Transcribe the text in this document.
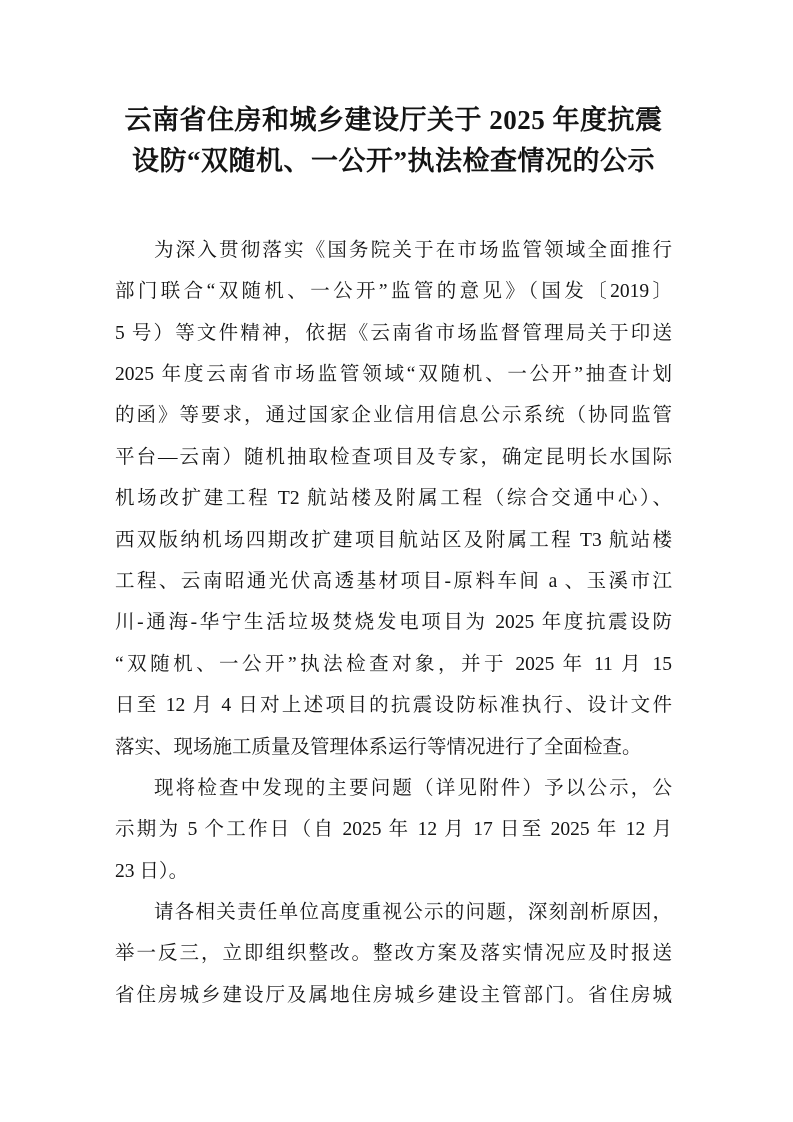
云南省住房和城乡建设厅关于 2025 年度抗震
设防“双随机、一公开”执法检查情况的公示
为深入贯彻落实《国务院关于在市场监管领域全面推行
部门联合“双随机、一公开”监管的意见》（国发〔2019〕
5 号）等文件精神，依据《云南省市场监督管理局关于印送
2025 年度云南省市场监管领域“双随机、一公开”抽查计划
的函》等要求，通过国家企业信用信息公示系统（协同监管
平台—云南）随机抽取检查项目及专家，确定昆明长水国际
机场改扩建工程 T2 航站楼及附属工程（综合交通中心）、
西双版纳机场四期改扩建项目航站区及附属工程 T3 航站楼
工程、云南昭通光伏高透基材项目-原料车间 a 、玉溪市江
川-通海-华宁生活垃圾焚烧发电项目为 2025 年度抗震设防
“双随机、一公开”执法检查对象，并于 2025 年 11 月 15
日至 12 月 4 日对上述项目的抗震设防标准执行、设计文件
落实、现场施工质量及管理体系运行等情况进行了全面检查。
现将检查中发现的主要问题（详见附件）予以公示，公
示期为 5 个工作日（自 2025 年 12 月 17 日至 2025 年 12 月
23 日）。
请各相关责任单位高度重视公示的问题，深刻剖析原因，
举一反三，立即组织整改。整改方案及落实情况应及时报送
省住房城乡建设厅及属地住房城乡建设主管部门。省住房城
